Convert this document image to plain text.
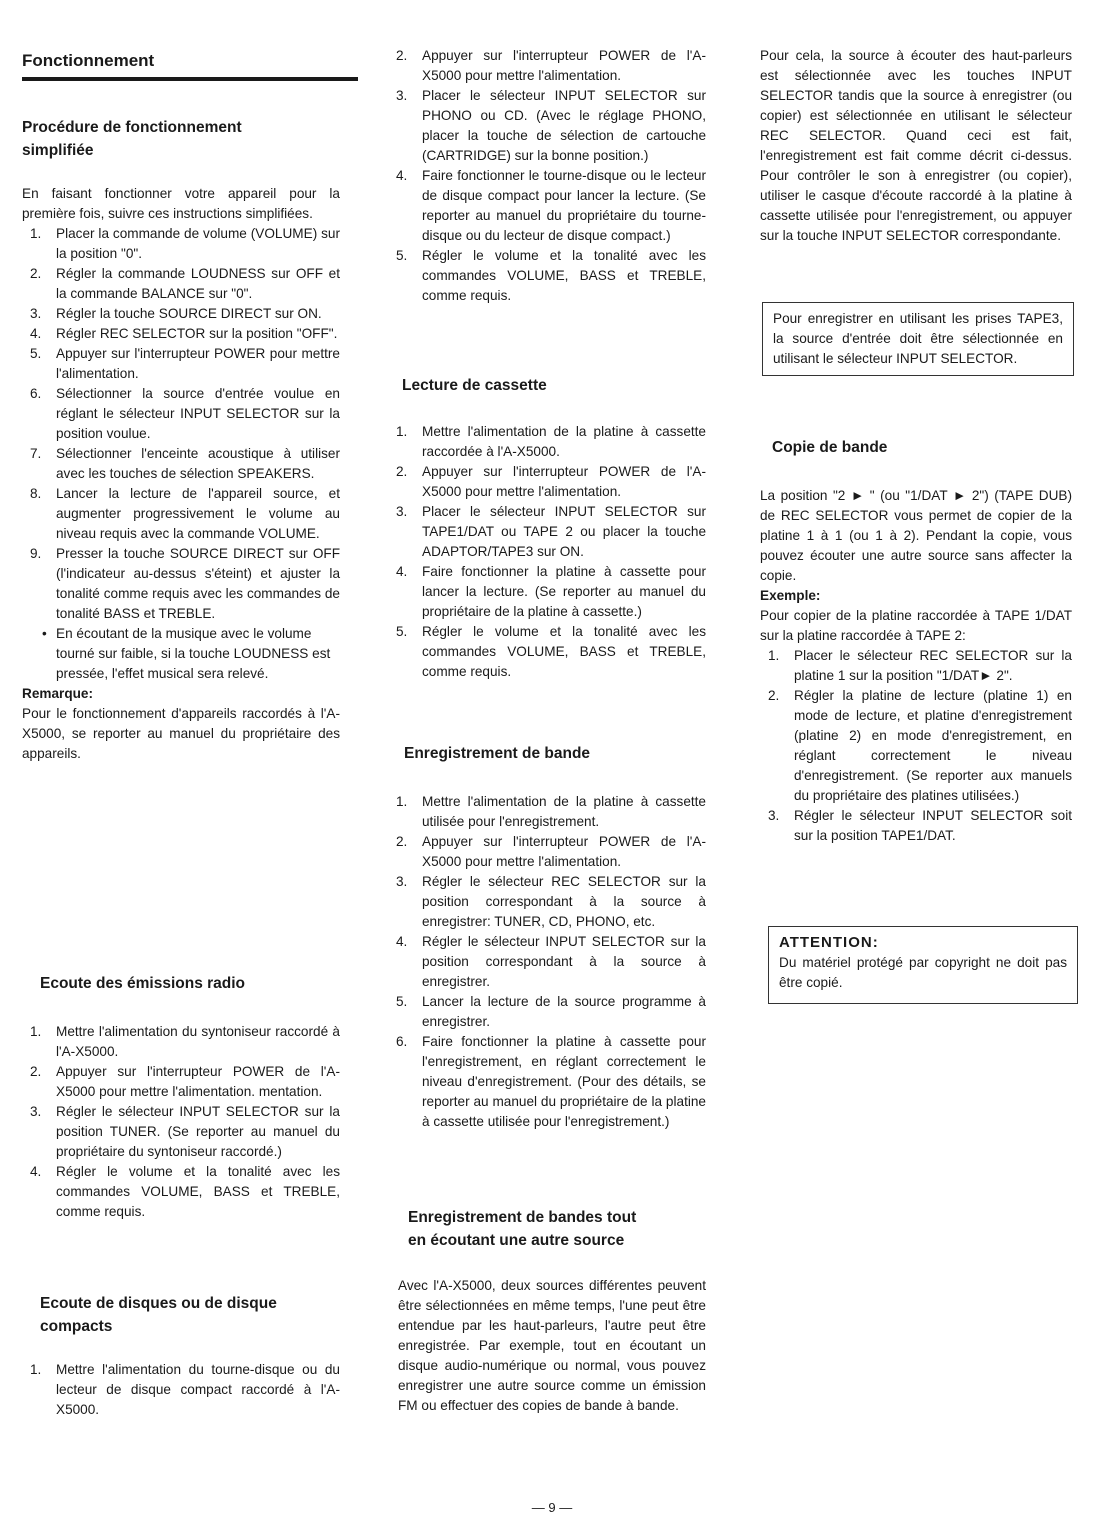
Fonctionnement
Procédure de fonctionnement
simplifiée

En faisant fonctionner votre appareil pour la première fois, suivre ces instructions simplifiées.

1. Placer la commande de volume (VOLUME) sur la position "0".
2. Régler la commande LOUDNESS sur OFF et la commande BALANCE sur "0".
3. Régler la touche SOURCE DIRECT sur ON.
4. Régler REC SELECTOR sur la position "OFF".
5. Appuyer sur l'interrupteur POWER pour mettre l'alimentation.
6. Sélectionner la source d'entrée voulue en réglant le sélecteur INPUT SELECTOR sur la position voulue.
7. Sélectionner l'enceinte acoustique à utiliser avec les touches de sélection SPEAKERS.
8. Lancer la lecture de l'appareil source, et augmenter progressivement le volume au niveau requis avec la commande VOLUME.
9. Presser la touche SOURCE DIRECT sur OFF (l'indicateur au-dessus s'éteint) et ajuster la tonalité comme requis avec les commandes de tonalité BASS et TREBLE.
• En écoutant de la musique avec le volume tourné sur faible, si la touche LOUDNESS est pressée, l'effet musical sera relevé.

Remarque:

Pour le fonctionnement d'appareils raccordés à l'A-X5000, se reporter au manuel du propriétaire des appareils.

Ecoute des émissions radio
1. Mettre l'alimentation du syntoniseur raccordé à l'A-X5000.
2. Appuyer sur l'interrupteur POWER de l'A-X5000 pour mettre l'alimentation. mentation.
3. Régler le sélecteur INPUT SELECTOR sur la position TUNER. (Se reporter au manuel du propriétaire du syntoniseur raccordé.)
4. Régler le volume et la tonalité avec les commandes VOLUME, BASS et TREBLE, comme requis.
Ecoute de disques ou de disque
compacts
1. Mettre l'alimentation du tourne-disque ou du lecteur de disque compact raccordé à l'A-X5000.
2. Appuyer sur l'interrupteur POWER de l'A-X5000 pour mettre l'alimentation.
3. Placer le sélecteur INPUT SELECTOR sur PHONO ou CD. (Avec le réglage PHONO, placer la touche de sélection de cartouche (CARTRIDGE) sur la bonne position.)
4. Faire fonctionner le tourne-disque ou le lecteur de disque compact pour lancer la lecture. (Se reporter au manuel du propriétaire du tourne-disque ou du lecteur de disque compact.)
5. Régler le volume et la tonalité avec les commandes VOLUME, BASS et TREBLE, comme requis.
Lecture de cassette
1. Mettre l'alimentation de la platine à cassette raccordée à l'A-X5000.
2. Appuyer sur l'interrupteur POWER de l'A-X5000 pour mettre l'alimentation.
3. Placer le sélecteur INPUT SELECTOR sur TAPE1/DAT ou TAPE 2 ou placer la touche ADAPTOR/TAPE3 sur ON.
4. Faire fonctionner la platine à cassette pour lancer la lecture. (Se reporter au manuel du propriétaire de la platine à cassette.)
5. Régler le volume et la tonalité avec les commandes VOLUME, BASS et TREBLE, comme requis.
Enregistrement de bande
1. Mettre l'alimentation de la platine à cassette utilisée pour l'enregistrement.
2. Appuyer sur l'interrupteur POWER de l'A-X5000 pour mettre l'alimentation.
3. Régler le sélecteur REC SELECTOR sur la position correspondant à la source à enregistrer: TUNER, CD, PHONO, etc.
4. Régler le sélecteur INPUT SELECTOR sur la position correspondant à la source à enregistrer.
5. Lancer la lecture de la source programme à enregistrer.
6. Faire fonctionner la platine à cassette pour l'enregistrement, en réglant correctement le niveau d'enregistrement. (Pour des détails, se reporter au manuel du propriétaire de la platine à cassette utilisée pour l'enregistrement.)
Enregistrement de bandes tout
en écoutant une autre source

Avec l'A-X5000, deux sources différentes peuvent être sélectionnées en même temps, l'une peut être entendue par les haut-parleurs, l'autre peut être enregistrée. Par exemple, tout en écoutant un disque audio-numérique ou normal, vous pouvez enregistrer une autre source comme un émission FM ou effectuer des copies de bande à bande.

Pour cela, la source à écouter des haut-parleurs est sélectionnée avec les touches INPUT SELECTOR tandis que la source à enregistrer (ou copier) est sélectionnée en utilisant le sélecteur REC SELECTOR. Quand ceci est fait, l'enregistrement est fait comme décrit ci-dessus. Pour contrôler le son à enregistrer (ou copier), utiliser le casque d'écoute raccordé à la platine à cassette utilisée pour l'enregistrement, ou appuyer sur la touche INPUT SELECTOR correspondante.

Pour enregistrer en utilisant les prises TAPE3, la source d'entrée doit être sélectionnée en utilisant le sélecteur INPUT SELECTOR.

Copie de bande

La position "2 ► " (ou "1/DAT ► 2") (TAPE DUB) de REC SELECTOR vous permet de copier de la platine 1 à 1 (ou 1 à 2). Pendant la copie, vous pouvez écouter une autre source sans affecter la copie.

Exemple:

Pour copier de la platine raccordée à TAPE 1/DAT sur la platine raccordée à TAPE 2:

1. Placer le sélecteur REC SELECTOR sur la platine 1 sur la position "1/DAT► 2".
2. Régler la platine de lecture (platine 1) en mode de lecture, et platine d'enregistrement (platine 2) en mode d'enregistrement, en réglant correctement le niveau d'enregistrement. (Se reporter aux manuels du propriétaire des platines utilisées.)
3. Régler le sélecteur INPUT SELECTOR soit sur la position TAPE1/DAT.
ATTENTION:

Du matériel protégé par copyright ne doit pas être copié.

— 9 —
